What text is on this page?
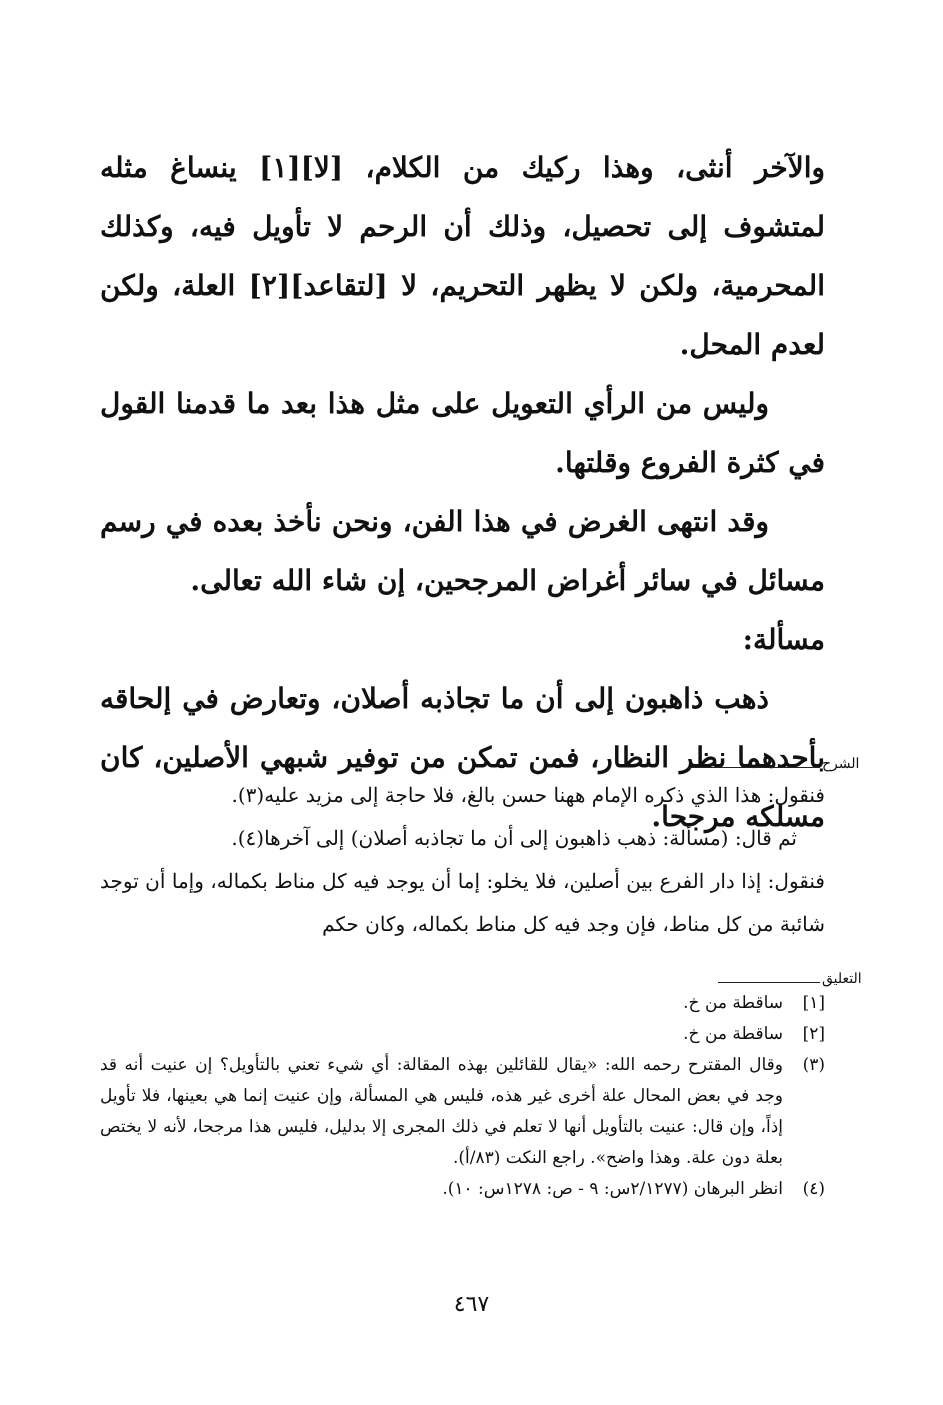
والآخر أنثى، وهذا ركيك من الكلام، [لا][١] ينساغ مثله لمتشوف إلى تحصيل، وذلك أن الرحم لا تأويل فيه، وكذلك المحرمية، ولكن لا يظهر التحريم، لا [لتقاعد][٢] العلة، ولكن لعدم المحل.

وليس من الرأي التعويل على مثل هذا بعد ما قدمنا القول في كثرة الفروع وقلتها.

وقد انتهى الغرض في هذا الفن، ونحن نأخذ بعده في رسم مسائل في سائر أغراض المرجحين، إن شاء الله تعالى.

مسألة:

ذهب ذاهبون إلى أن ما تجاذبه أصلان، وتعارض في إلحاقه بأحدهما نظر النظار، فمن تمكن من توفير شبهي الأصلين، كان مسلكه مرجحا.

الشرح

فنقول: هذا الذي ذكره الإمام ههنا حسن بالغ، فلا حاجة إلى مزيد عليه(٣).

ثم قال: (مسألة: ذهب ذاهبون إلى أن ما تجاذبه أصلان) إلى آخرها(٤).

فنقول: إذا دار الفرع بين أصلين، فلا يخلو: إما أن يوجد فيه كل مناط بكماله، وإما أن توجد شائبة من كل مناط، فإن وجد فيه كل مناط بكماله، وكان حكم

التعليق
[١]
ساقطة من خ.
[٢]
ساقطة من خ.
(٣)
وقال المقترح رحمه الله: «يقال للقائلين بهذه المقالة: أي شيء تعني بالتأويل؟ إن عنيت أنه قد وجد في بعض المحال علة أخرى غير هذه، فليس هي المسألة، وإن عنيت إنما هي بعينها، فلا تأويل إذاً، وإن قال: عنيت بالتأويل أنها لا تعلم في ذلك المجرى إلا بدليل، فليس هذا مرجحا، لأنه لا يختص بعلة دون علة. وهذا واضح». راجع النكت (٨٣/أ).
(٤)
انظر البرهان (٢/١٢٧٧س: ٩ - ص: ١٢٧٨س: ١٠).
٤٦٧
